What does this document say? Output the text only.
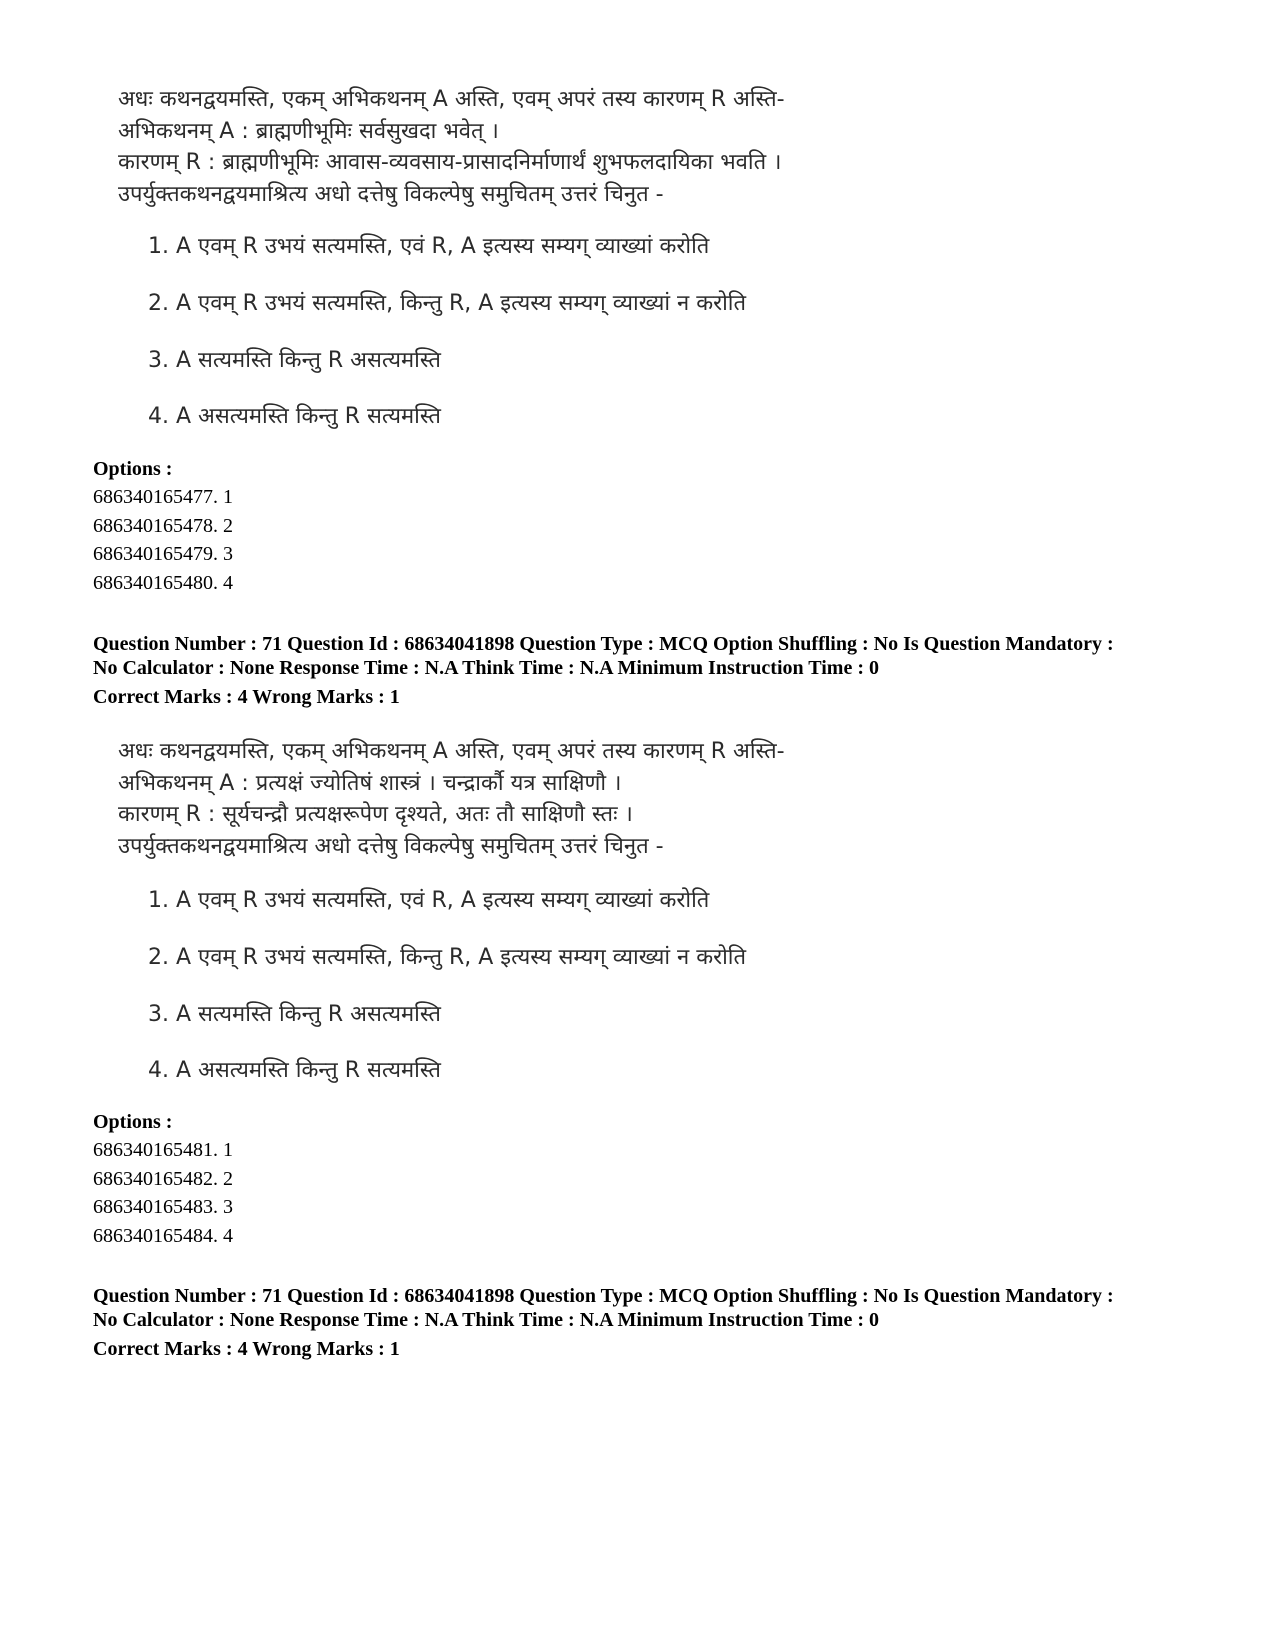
अधः कथनद्वयमस्ति, एकम् अभिकथनम् A अस्ति, एवम् अपरं तस्य कारणम् R अस्ति-
अभिकथनम् A : ब्राह्मणीभूमिः सर्वसुखदा भवेत् ।
कारणम् R : ब्राह्मणीभूमिः आवास-व्यवसाय-प्रासादनिर्माणार्थं शुभफलदायिका भवति ।
उपर्युक्तकथनद्वयमाश्रित्य अधो दत्तेषु विकल्पेषु समुचितम् उत्तरं चिनुत -
1. A एवम् R उभयं सत्यमस्ति, एवं R, A इत्यस्य सम्यग् व्याख्यां करोति
2. A एवम् R उभयं सत्यमस्ति, किन्तु R, A इत्यस्य सम्यग् व्याख्यां न करोति
3. A सत्यमस्ति किन्तु R असत्यमस्ति
4. A असत्यमस्ति किन्तु R सत्यमस्ति
Options :
686340165477. 1
686340165478. 2
686340165479. 3
686340165480. 4
Question Number : 71 Question Id : 68634041898 Question Type : MCQ Option Shuffling : No Is Question Mandatory :
No Calculator : None Response Time : N.A Think Time : N.A Minimum Instruction Time : 0
Correct Marks : 4 Wrong Marks : 1
अधः कथनद्वयमस्ति, एकम् अभिकथनम् A अस्ति, एवम् अपरं तस्य कारणम् R अस्ति-
अभिकथनम् A : प्रत्यक्षं ज्योतिषं शास्त्रं । चन्द्रार्कौ यत्र साक्षिणौ ।
कारणम् R : सूर्यचन्द्रौ प्रत्यक्षरूपेण दृश्यते, अतः तौ साक्षिणौ स्तः ।
उपर्युक्तकथनद्वयमाश्रित्य अधो दत्तेषु विकल्पेषु समुचितम् उत्तरं चिनुत -
1. A एवम् R उभयं सत्यमस्ति, एवं R, A इत्यस्य सम्यग् व्याख्यां करोति
2. A एवम् R उभयं सत्यमस्ति, किन्तु R, A इत्यस्य सम्यग् व्याख्यां न करोति
3. A सत्यमस्ति किन्तु R असत्यमस्ति
4. A असत्यमस्ति किन्तु R सत्यमस्ति
Options :
686340165481. 1
686340165482. 2
686340165483. 3
686340165484. 4
Question Number : 71 Question Id : 68634041898 Question Type : MCQ Option Shuffling : No Is Question Mandatory :
No Calculator : None Response Time : N.A Think Time : N.A Minimum Instruction Time : 0
Correct Marks : 4 Wrong Marks : 1
